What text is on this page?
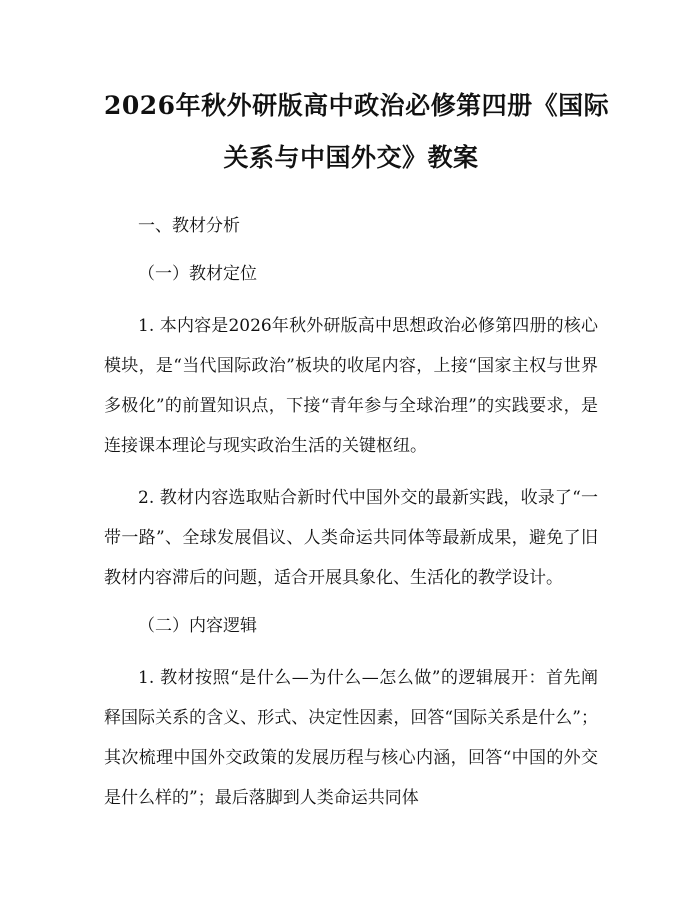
2026年秋外研版高中政治必修第四册《国际
关系与中国外交》教案

一、教材分析

（一）教材定位

1. 本内容是2026年秋外研版高中思想政治必修第四册的核心模块，是“当代国际政治”板块的收尾内容，上接“国家主权与世界多极化”的前置知识点，下接“青年参与全球治理”的实践要求，是连接课本理论与现实政治生活的关键枢纽。

2. 教材内容选取贴合新时代中国外交的最新实践，收录了“一带一路”、全球发展倡议、人类命运共同体等最新成果，避免了旧教材内容滞后的问题，适合开展具象化、生活化的教学设计。

（二）内容逻辑

1. 教材按照“是什么—为什么—怎么做”的逻辑展开：首先阐释国际关系的含义、形式、决定性因素，回答“国际关系是什么”；其次梳理中国外交政策的发展历程与核心内涵，回答“中国的外交是什么样的”；最后落脚到人类命运共同体
